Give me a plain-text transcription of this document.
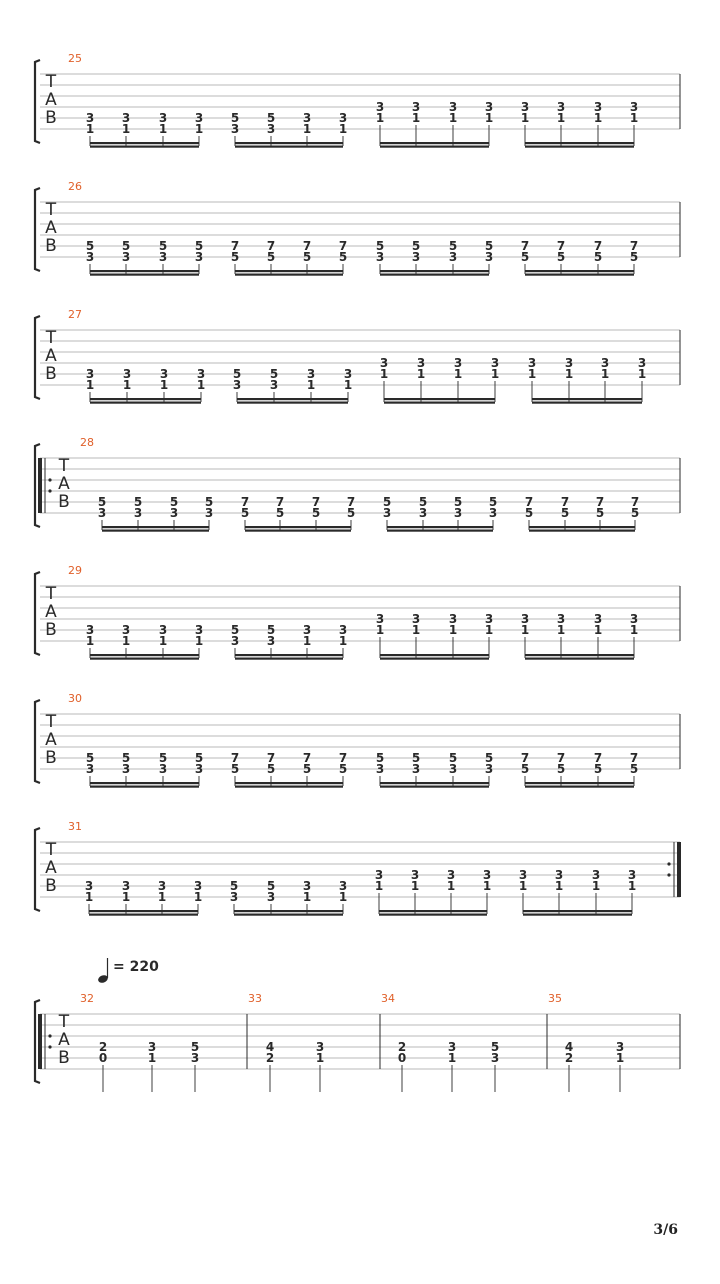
T
A
B
25
3
1
3
1
3
1
3
1
5
3
5
3
3
1
3
1
3
1
3
1
3
1
3
1
3
1
3
1
3
1
3
1
T
A
B
26
5
3
5
3
5
3
5
3
7
5
7
5
7
5
7
5
5
3
5
3
5
3
5
3
7
5
7
5
7
5
7
5
T
A
B
27
3
1
3
1
3
1
3
1
5
3
5
3
3
1
3
1
3
1
3
1
3
1
3
1
3
1
3
1
3
1
3
1
T
A
B
28
5
3
5
3
5
3
5
3
7
5
7
5
7
5
7
5
5
3
5
3
5
3
5
3
7
5
7
5
7
5
7
5
T
A
B
29
3
1
3
1
3
1
3
1
5
3
5
3
3
1
3
1
3
1
3
1
3
1
3
1
3
1
3
1
3
1
3
1
T
A
B
30
5
3
5
3
5
3
5
3
7
5
7
5
7
5
7
5
5
3
5
3
5
3
5
3
7
5
7
5
7
5
7
5
T
A
B
31
3
1
3
1
3
1
3
1
5
3
5
3
3
1
3
1
3
1
3
1
3
1
3
1
3
1
3
1
3
1
3
1
= 220
T
A
B
32
2
0
3
1
5
3
33
4
2
3
1
34
2
0
3
1
5
3
35
4
2
3
1
3/6
